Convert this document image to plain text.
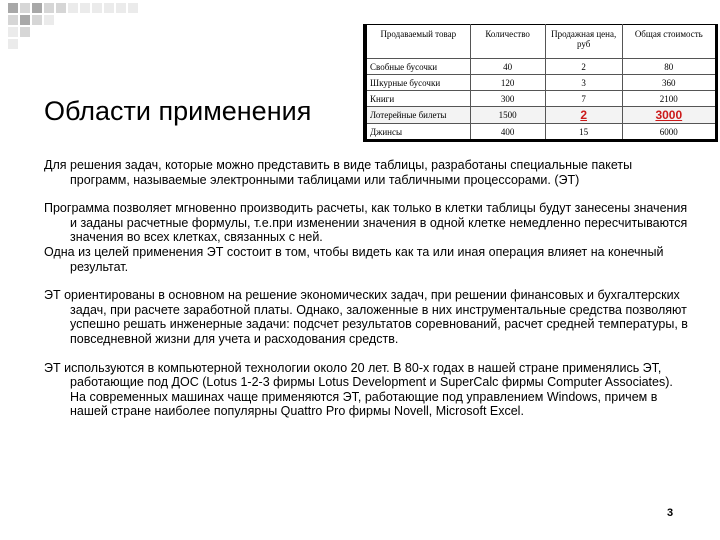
Области применения
Продаваемый товар	Количество	Продажная цена, руб	Общая стоимость
Свобные бусочки	40	2	80
Шкурные бусочки	120	3	360
Книги	300	7	2100
Лотерейные билеты	1500	2	3000
Джинсы	400	15	6000

Для решения задач, которые можно представить в виде таблицы, разработаны специальные пакеты программ, называемые электронными таблицами или табличными процессорами. (ЭТ)

Программа позволяет мгновенно производить расчеты, как только в клетки таблицы будут занесены значения и заданы расчетные формулы, т.е.при изменении значения в одной клетке немедленно пересчитываются значения во всех клетках, связанных с ней.

Одна из целей применения ЭТ состоит в том, чтобы видеть как та или иная операция влияет на конечный результат.

ЭТ ориентированы в основном на решение экономических задач, при решении финансовых и бухгалтерских задач, при расчете заработной платы. Однако, заложенные в них инструментальные средства позволяют успешно решать инженерные задачи: подсчет результатов соревнований, расчет средней температуры, в повседневной жизни для учета и расходования средств.

ЭТ используются в компьютерной технологии около 20 лет. В 80-х годах в нашей стране применялись ЭТ, работающие под ДОС (Lotus 1-2-3 фирмы Lotus Development и SuperCalc фирмы Computer Associates). На современных машинах чаще применяются ЭТ, работающие под управлением Windows, причем в нашей стране наиболее популярны Quattro Pro фирмы Novell, Microsoft Excel.

3
